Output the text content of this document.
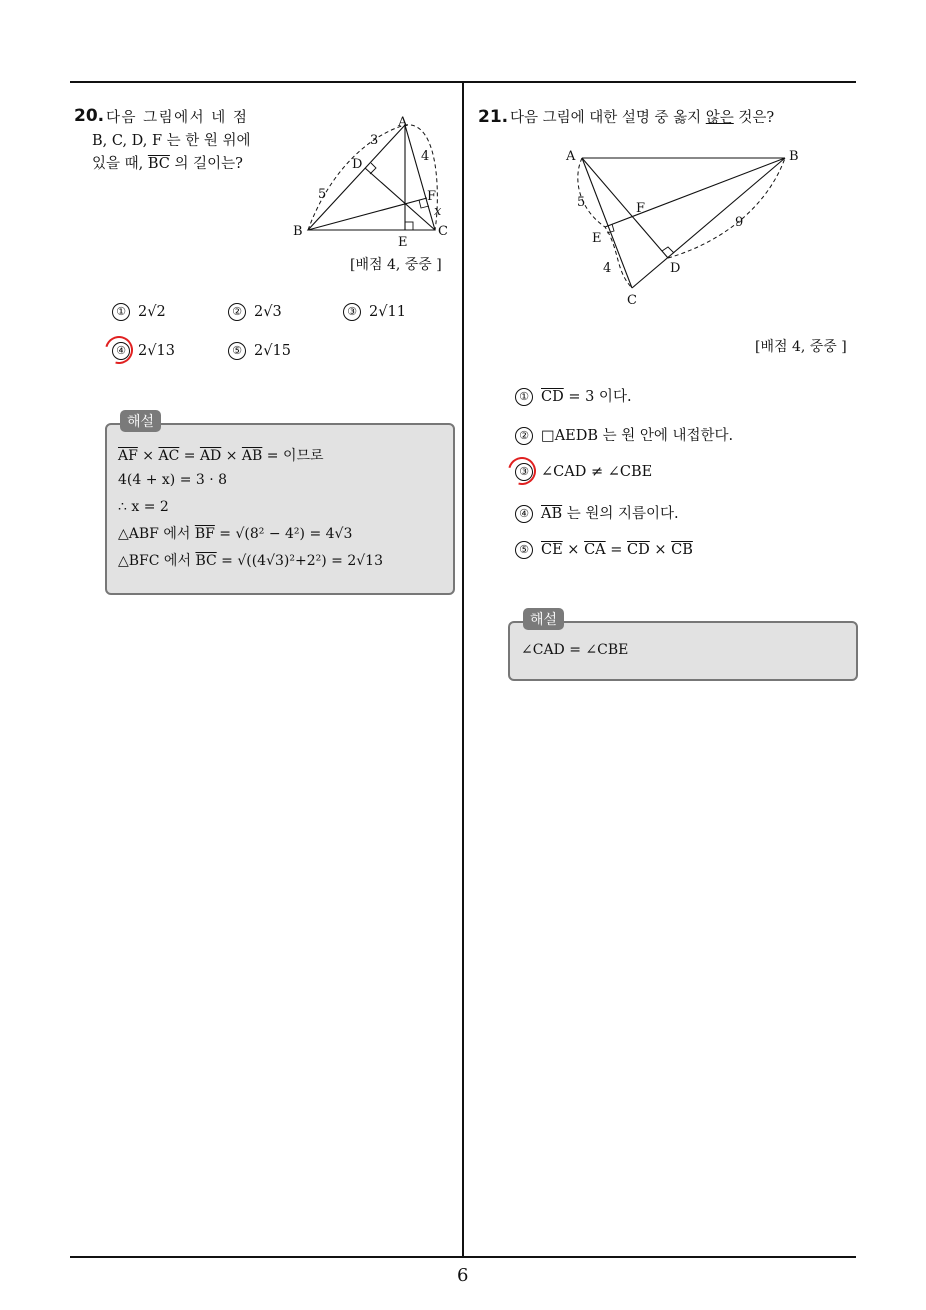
20. 다음 그림에서 네 점
B, C, D, F 는 한 원 위에
있을 때, $\overline{BC}$ 의 길이는?
A
B	C
D
E
F
3
4
5
x
[배점 4, 중중 ]
① 2√2	② 2√3	③ 2√11
④ 2√13	⑤ 2√15
해설
$\overline{AF} \times \overline{AC} = \overline{AD} \times \overline{AB}$ = 이므로
4(4 + x) = 3 · 8
∴ x = 2
△ABF 에서 $\overline{BF} = √(8^2 - 4^2) = 4√3$
△BFC 에서 $\overline{BC} = √((4√3)^2+2^2) = 2√13$
21. 다음 그림에 대한 설명 중 옳지 않은 것은?
A	B
C
D
E
F
5
4
9
[배점 4, 중중 ]
① $\overline{CD} = 3$ 이다.
② □AEDB 는 원 안에 내접한다.
③ ∠CAD ≠ ∠CBE
④ $\overline{AB}$ 는 원의 지름이다.
⑤ $\overline{CE} \times \overline{CA} = \overline{CD} \times \overline{CB}$
해설
∠CAD = ∠CBE
6
